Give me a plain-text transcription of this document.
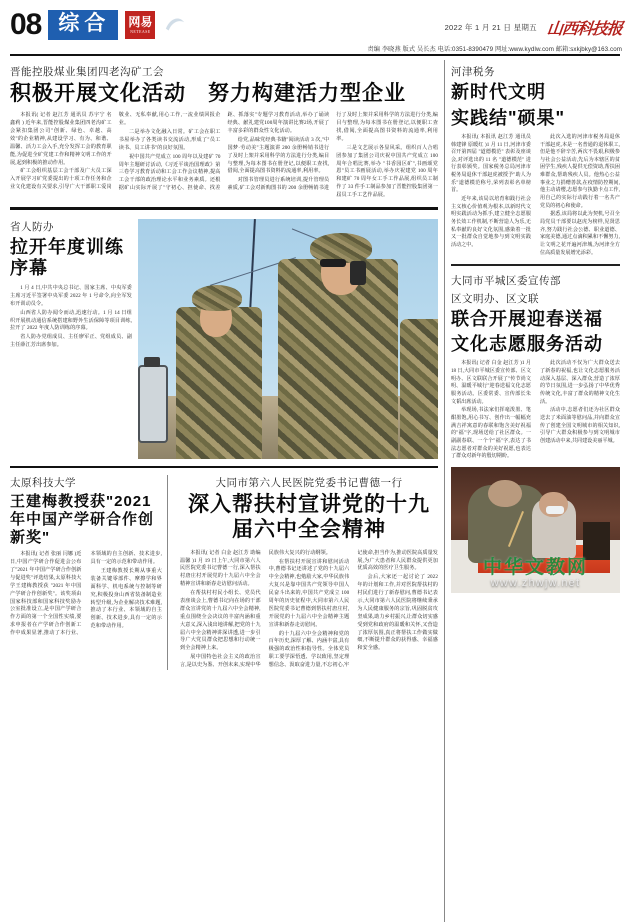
08 综合	网易
NETEASE	2022 年 1 月 21 日 星期五 山西科技报
责编 李晓燕 版式 吴长杰 电话:0351-8390479 网址:www.kydlw.com 邮箱:sxkjbky@163.com
晋能控股煤业集团四老沟矿工会
积极开展文化活动　努力构建活力型企业

本报讯( 记者 赵江芳 通讯员 苏宇宁 名鑫莉 ) 近年来,晋能控股煤业集团四老沟矿工会紧扣集团公司"创新、绿色、卓越、高效"的企业精神,从建设学习、有为、和谐、温馨、活力工会入手,充分发挥工会的教育职能,为促进全矿党建工作和精神文明工作的开展,起到积极的推动作用。

矿工会组织基层工会干部及广大员工深入开展学习矿党委提出的十项工作任务和企业文化建设有关要求,引导广大干部职工爱岗敬业、无私奉献,用心工作,一流业绩回报企业。

二是举办文化融入日常。矿工会在职工书屋举办了各类读书交流活动,形成了"员工读书、员工讲书"的良好氛围。

祝中国共产党成立 100 周年以及建矿 70 周年主题研讨活动,《习近平谈治国理政》第三卷学习教育活动和工会工作会议精神,提高工会干部的政治理论水平和业务素质。还根据矿山实际开展了"守初心、担使命、找差距、抓落实"专题学习教育活动,举办了诵读经典、献礼建党100周年演讲比赛2场,开展了丰富多彩的群众性文化活动。

给党,品味党经典书籍"阅读活动 3 次,"中国梦·劳动美"主题演讲 200 余册畅销书进行了及时上架并采用科学的方法进行分类,编目与整理,为每本图书在册登记,以便职工查找,借阅,全面提高图书资料的流通率,利用率。

对图书管理员进行系统培训,提升管理员素质,矿工会对新购图书的 200 余册畅销书进行了及时上架并采用科学的方法进行分类,编目与整理,为每本图书在册登记,以便职工查找,借阅,全面提高图书资料的流通率,利用率。

三是文艺展示各显风采。组织百人合唱团参加了集团公司庆祝中国共产党成立 100 周年合唱比赛,举办 "书香园区矿",书画颂党恩"员工书画展活动,举办庆祝建党 100 周年和建矿 70 周年女工手工作品展,组织员工制作了 33 件手工制品参加了晋能控股集团第一届员工手工艺作品展。

省人防办
拉开年度训练序幕

1 月 4 日,中共中央总书记、国家主席、中央军委主席习近平签署中央军委 2022 年 1 号命令,向全军发布开训动员令。

山西省人防办闻令而动,迅速行动。1 月 14 日组织开展机动通信系统搭建和野外生活保障等项目训练,拉开了 2022 年度人防训练的序幕。

省人防办党组成员、主任廖军正、党组成员、副主任薛江芳出席参加。

太原科技大学
王建梅教授获"2021 年中国产学研合作创新奖"

本报讯( 记者 张丽 闫娜 )近日,中国产学研合作促进会公布了"2021 年中国产学研合作创新与促进奖"评选结果,太原科技大学王建梅教授获 "2021 年中国产学研合作创新奖"。该奖项由国家科技部和国家科技奖励办公室批准设立,是中国产学研合作方面的第一个全国性实绩,要求申报者在产学研合作创新工作中成果显著,推动了本行业、本领域的自主创新、技术进步,具有一定的示范和带动作用。

王建梅教授长期从事重大装备关键零部件、摩擦学和界面科学、机电系统与控制等研究,积极投身山西省装备制造业转型升级,为企业解决技术难题,推动了本行业、本领域的自主创新、技术进步,具有一定的示范和带动作用。

大同市第六人民医院党委书记曹德一行
深入帮扶村宣讲党的十九届六中全会精神

本报讯( 记者 白金 赵江芳 助编 温馨 )1 月 19 日上午,大同市第六人民医院党委书记曹德一行,深入帮扶村唐庄村开展党的十九届六中全会精神宣讲和新春走访慰问活动。

在帮扶村村民小组长、党员代表座谈会上,曹德书记向在场的干部群众宣讲党的十九届六中全会精神,重点围绕全会决议的丰富内涵和重大意义,深入浅出地讲解,把党的十九届六中全会精神讲深讲透,进一步引导广大党员群众把思想和行动统一到全会精神上来。

展中国特色社会主义的政治宣言,是以史为鉴、开创未来,实现中华民族伟大复兴的行动纲领。

在帮扶村开展宣讲和慰问活动中,曹德书记还讲述了党的十九届六中全会精神,也勉励大家,中华民族伟大复兴是靠中国共产党领导中国人民奋斗出来的,中国共产党成立 100 周年的历史征程中,大同市第六人民医院党委书记曹德到帮扶村唐庄村,开展党的十九届六中全会精神主题宣讲和新春走访慰问。

的十九届六中全会精神和党的百年历史,深厚了解、内涵丰富,具有极强的政治性和指导性。全体党员职工要学深悟透、学以致用,坚定理想信念、汲取奋进力量,不忘初心,牢记使命,担当作为,推动医院高质量发展,为广大患者和人民群众提供更加优质高效的医疗卫生服务。

会后,大家还一起讨论了 2022 年的计划和工作,并对医院帮扶村的村民们进行了新春慰问,曹德书记表示,大同市第六人民医院将继续秉承为人民健康服务的宗旨,巩固脱贫攻坚成果,助力乡村振兴,让群众切实感受到党和政府的温暖和关怀,又营造了浓厚氛围,真正将帮扶工作做实做细,不断提升群众的获得感、幸福感和安全感。

河津税务
新时代文明
实践结"硕果"

本报讯( 本报讯 赵江芳 通讯员 韩建锋 原暖红 )1 月 11 日,河津市委召开第四届 "道德模范" 表彰及座谈会,对评选出的 11 名 "道德模范" 进行表彰颁奖。国家税务总局河津市税务局退休干部赵虎被授予"助人为乐"道德模范称号,荣列表彰名单榜首。

近年来,该局以培育和践行社会主义核心价值观为根本,以新时代文明实践活动为抓手,建立健全志愿服务长效工作机制,不断营造人为乐,无私奉献的良好文化氛围,感染着一批又一批群众自觉地参与到文明实践活动之中。

此次入选的河津市税务局退休干部赵虎,本是一名普通的退休职工,但是他不辞辛苦,两次不畏艰,积极参与社会公益活动,先后为本辖区的贫困学生,残疾人提供无偿资助,帮扶困难群众,帮助残疾人员。他热心公益事业之力捐赠善款,在疫情防控期间,他主动请缨,志愿参与执勤卡点工作,用自己的实际行动践行着一名共产党员的初心和使命。

据悉,该局将以此为契机,号召全局党员干部要以赵虎为榜样,见贤思齐,努力践行社会公德、职业道德、家庭美德,通过点滴积累和不懈努力,让文明之花开遍河津城,为河津全方位高质量发展增光添彩。

大同市平城区委宣传部
区文明办、区文联
联合开展迎春送福
文化志愿服务活动

本报讯( 记者 白金 赵江芳 )1 月 18 日,大同市平城区委宣传部、区文明办、区文联联合开展了"传节尚文明、温暖平城行"迎春送福文化志愿服务活动。区委常委、宣传部长朱文韬出席活动。

举现场,书法家们挥毫泼墨、笔酣墨饱,用心书写、创作出一幅幅充满吉祥寓意的春联和饱含美好祝福的"福"字,现场送给了社区群众。一副副春联、一个个"福"字,表达了书法志愿者对群众的美好祝愿,也表达了群众对新年的殷切期盼。

此次活动不仅为广大群众送去了新春的祝福,也让文化志愿服务活动深入基层、深入群众,营造了浓厚的节日氛围,进一步弘扬了中华优秀传统文化,丰富了群众的精神文化生活。

活动中,志愿者们还为社区群众送去了米面油等慰问品,并向群众宣传了创建全国文明城市的相关知识,引导广大群众积极参与到文明城市创建活动中来,共同建设美丽平城。

中华文教网
www.zhwjw.net
